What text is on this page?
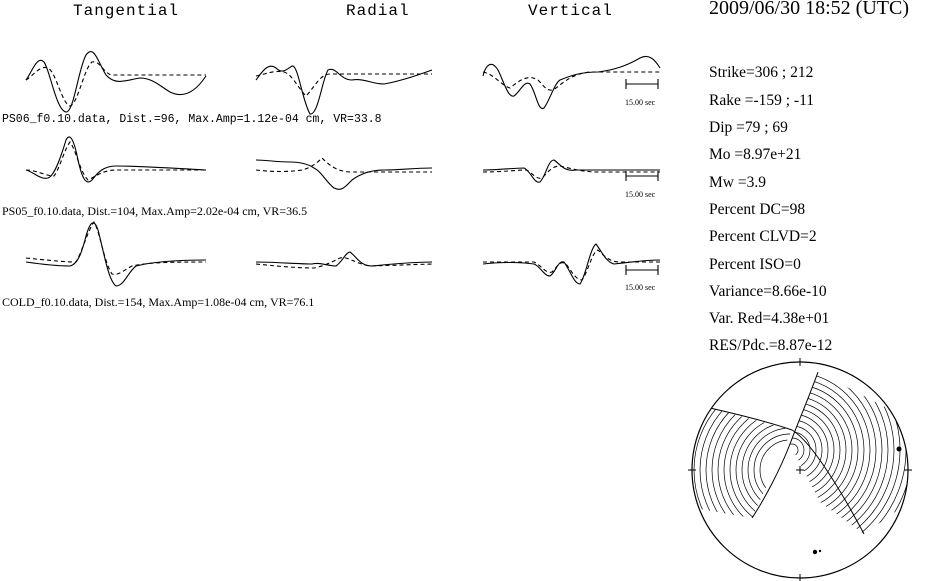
Tangential	Radial	Vertical	2009/06/30 18:52 (UTC)
PS06_f0.10.data, Dist.=96, Max.Amp=1.12e-04 cm, VR=33.8
PS05_f0.10.data, Dist.=104, Max.Amp=2.02e-04 cm, VR=36.5
COLD_f0.10.data, Dist.=154, Max.Amp=1.08e-04 cm, VR=76.1
15.00 sec
15.00 sec
15.00 sec
Strike=306 ; 212
Rake =-159 ; -11
Dip =79 ; 69
Mo =8.97e+21
Mw =3.9
Percent DC=98
Percent CLVD=2
Percent ISO=0
Variance=8.66e-10
Var. Red=4.38e+01
RES/Pdc.=8.87e-12
